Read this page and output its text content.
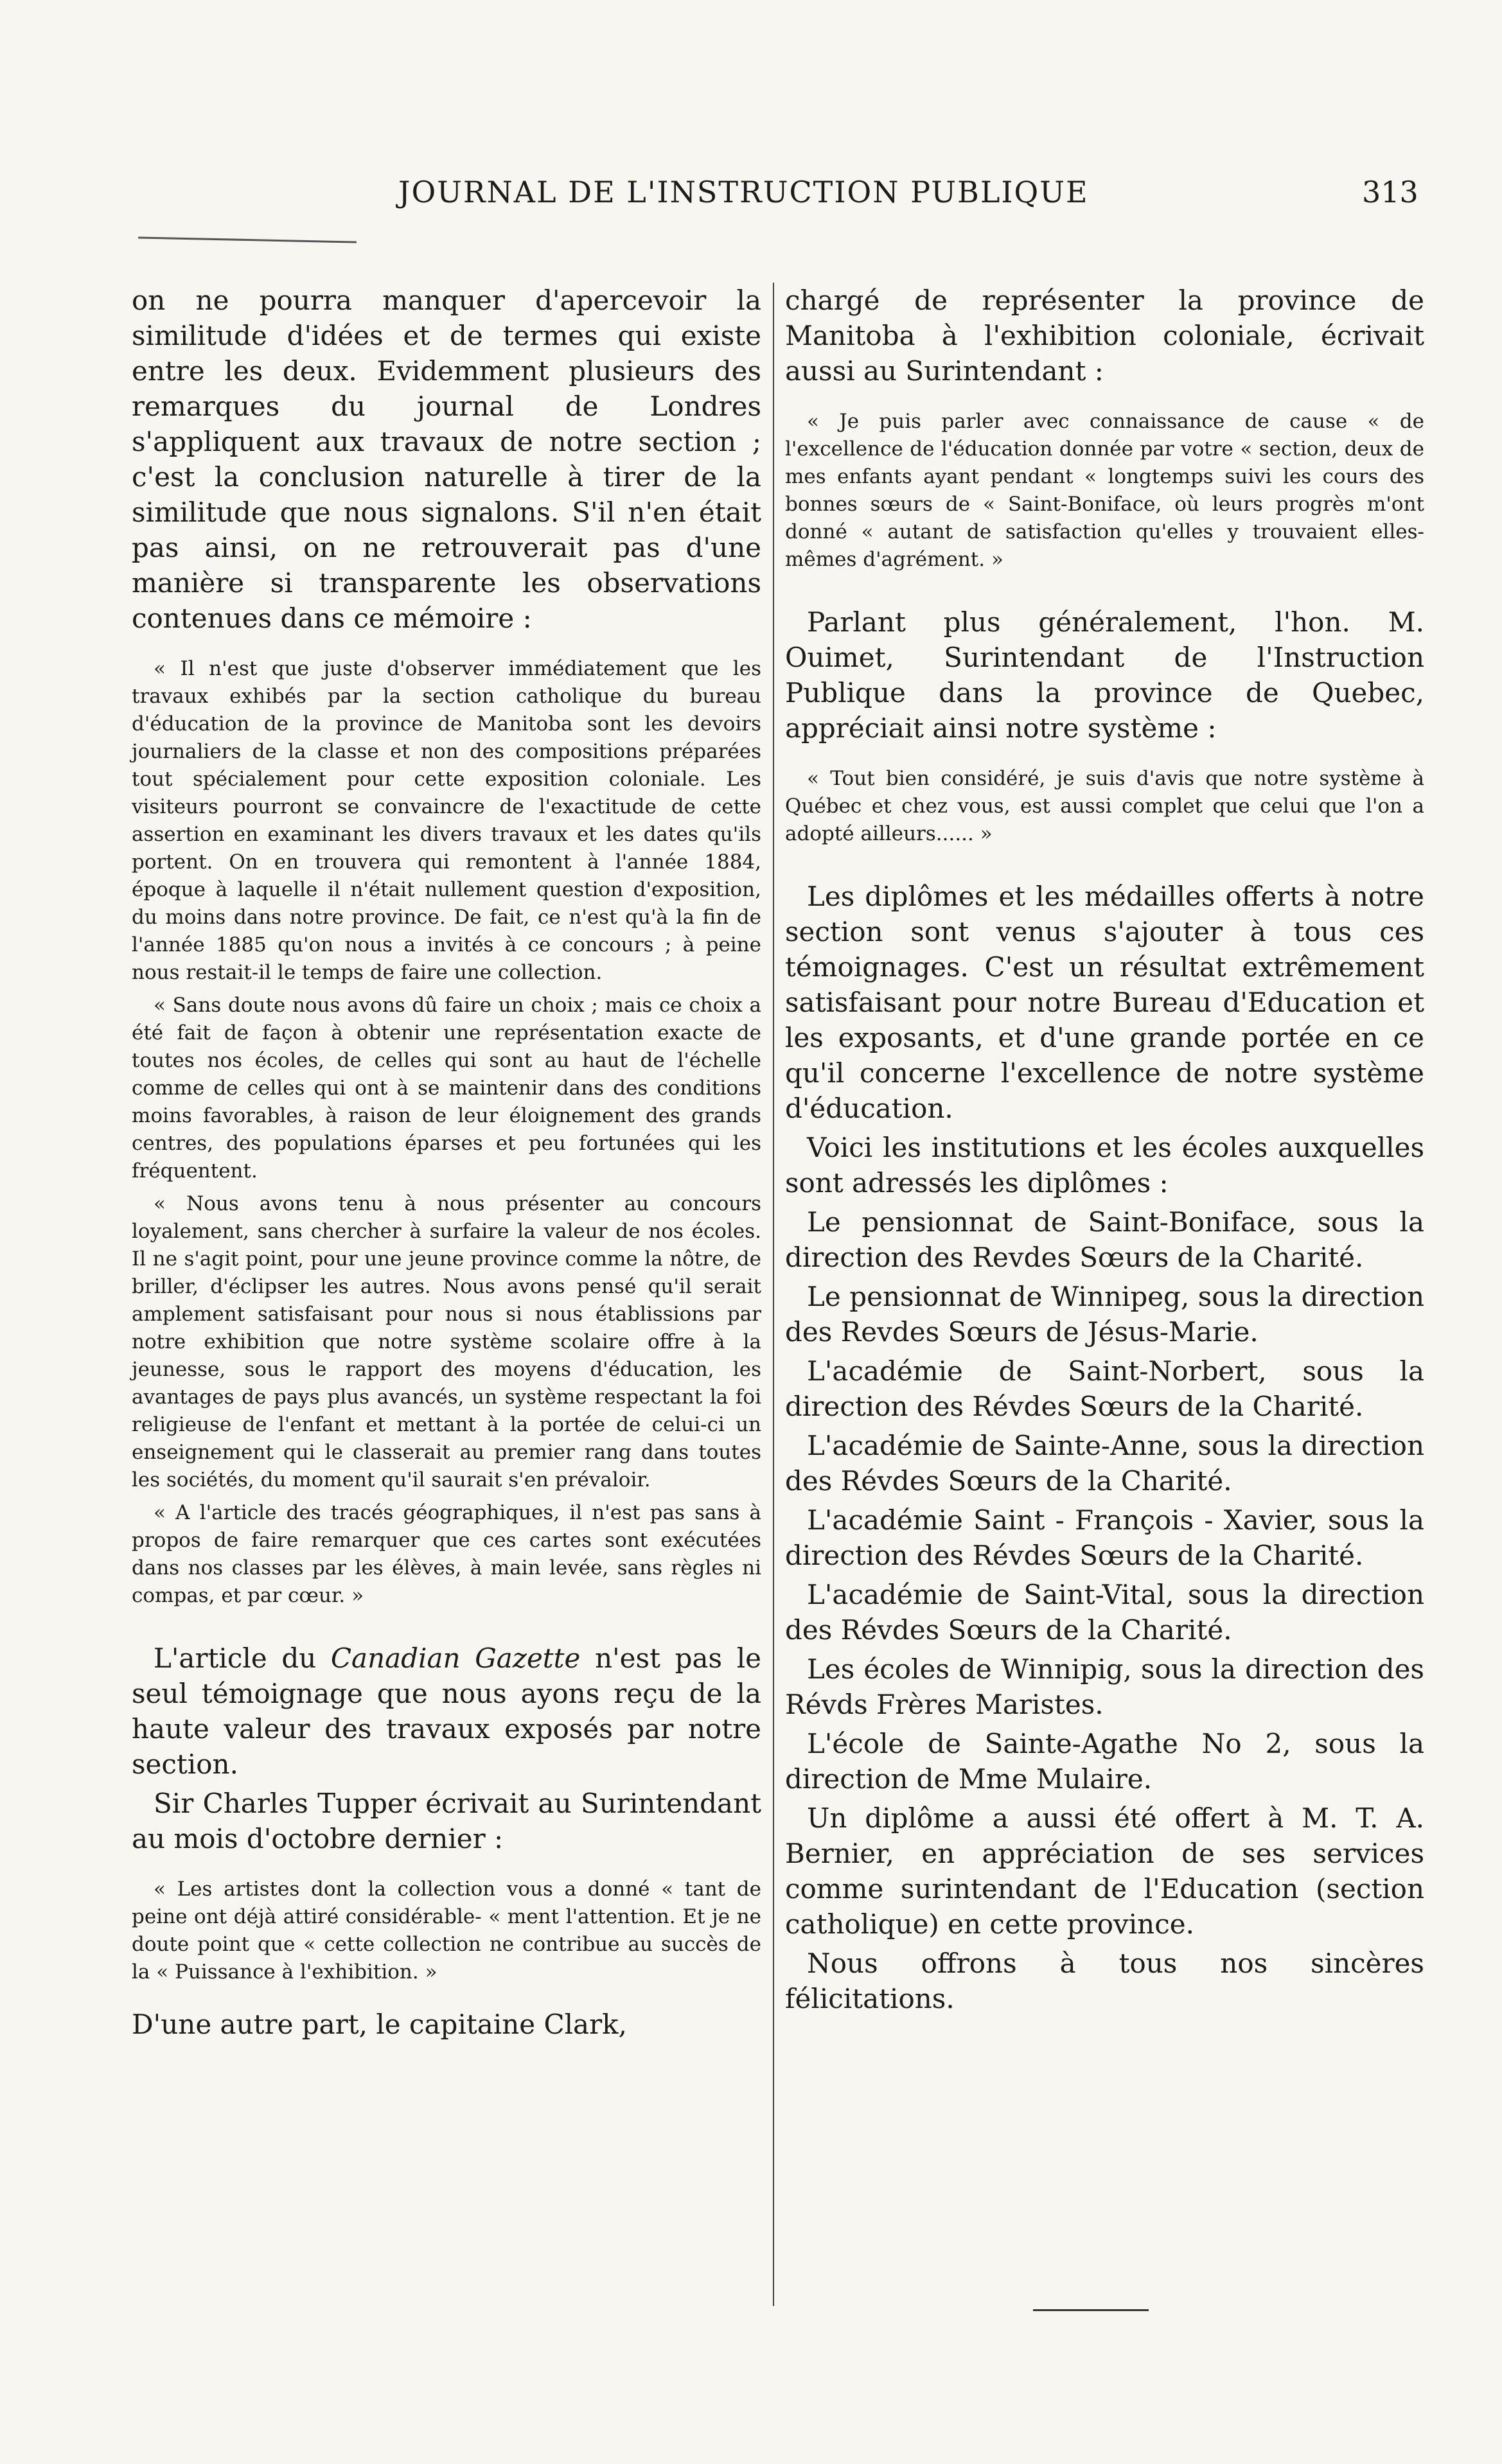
JOURNAL DE L'INSTRUCTION PUBLIQUE	313

on ne pourra manquer d'apercevoir la similitude d'idées et de termes qui existe entre les deux. Evidemment plusieurs des remarques du journal de Londres s'appliquent aux travaux de notre section ; c'est la conclusion naturelle à tirer de la similitude que nous signalons. S'il n'en était pas ainsi, on ne retrouverait pas d'une manière si transparente les observations contenues dans ce mémoire :

« Il n'est que juste d'observer immédiatement que les travaux exhibés par la section catholique du bureau d'éducation de la province de Manitoba sont les devoirs journaliers de la classe et non des compositions préparées tout spécialement pour cette exposition coloniale. Les visiteurs pourront se convaincre de l'exactitude de cette assertion en examinant les divers travaux et les dates qu'ils portent. On en trouvera qui remontent à l'année 1884, époque à laquelle il n'était nullement question d'exposition, du moins dans notre province. De fait, ce n'est qu'à la fin de l'année 1885 qu'on nous a invités à ce concours ; à peine nous restait-il le temps de faire une collection.

« Sans doute nous avons dû faire un choix ; mais ce choix a été fait de façon à obtenir une représentation exacte de toutes nos écoles, de celles qui sont au haut de l'échelle comme de celles qui ont à se maintenir dans des conditions moins favorables, à raison de leur éloignement des grands centres, des populations éparses et peu fortunées qui les fréquentent.

« Nous avons tenu à nous présenter au concours loyalement, sans chercher à surfaire la valeur de nos écoles. Il ne s'agit point, pour une jeune province comme la nôtre, de briller, d'éclipser les autres. Nous avons pensé qu'il serait amplement satisfaisant pour nous si nous établissions par notre exhibition que notre système scolaire offre à la jeunesse, sous le rapport des moyens d'éducation, les avantages de pays plus avancés, un système respectant la foi religieuse de l'enfant et mettant à la portée de celui-ci un enseignement qui le classerait au premier rang dans toutes les sociétés, du moment qu'il saurait s'en prévaloir.

« A l'article des tracés géographiques, il n'est pas sans à propos de faire remarquer que ces cartes sont exécutées dans nos classes par les élèves, à main levée, sans règles ni compas, et par cœur. »

L'article du Canadian Gazette n'est pas le seul témoignage que nous ayons reçu de la haute valeur des travaux exposés par notre section.

Sir Charles Tupper écrivait au Surintendant au mois d'octobre dernier :

« Les artistes dont la collection vous a donné « tant de peine ont déjà attiré considérable- « ment l'attention. Et je ne doute point que « cette collection ne contribue au succès de la « Puissance à l'exhibition. »

D'une autre part, le capitaine Clark,

chargé de représenter la province de Manitoba à l'exhibition coloniale, écrivait aussi au Surintendant :

« Je puis parler avec connaissance de cause « de l'excellence de l'éducation donnée par votre « section, deux de mes enfants ayant pendant « longtemps suivi les cours des bonnes sœurs de « Saint-Boniface, où leurs progrès m'ont donné « autant de satisfaction qu'elles y trouvaient elles-mêmes d'agrément. »

Parlant plus généralement, l'hon. M. Ouimet, Surintendant de l'Instruction Publique dans la province de Quebec, appréciait ainsi notre système :

« Tout bien considéré, je suis d'avis que notre système à Québec et chez vous, est aussi complet que celui que l'on a adopté ailleurs...... »

Les diplômes et les médailles offerts à notre section sont venus s'ajouter à tous ces témoignages. C'est un résultat extrêmement satisfaisant pour notre Bureau d'Education et les exposants, et d'une grande portée en ce qu'il concerne l'excellence de notre système d'éducation.

Voici les institutions et les écoles auxquelles sont adressés les diplômes :

Le pensionnat de Saint-Boniface, sous la direction des Revdes Sœurs de la Charité.

Le pensionnat de Winnipeg, sous la direction des Revdes Sœurs de Jésus-Marie.

L'académie de Saint-Norbert, sous la direction des Révdes Sœurs de la Charité.

L'académie de Sainte-Anne, sous la direction des Révdes Sœurs de la Charité.

L'académie Saint - François - Xavier, sous la direction des Révdes Sœurs de la Charité.

L'académie de Saint-Vital, sous la direction des Révdes Sœurs de la Charité.

Les écoles de Winnipig, sous la direction des Révds Frères Maristes.

L'école de Sainte-Agathe No 2, sous la direction de Mme Mulaire.

Un diplôme a aussi été offert à M. T. A. Bernier, en appréciation de ses services comme surintendant de l'Education (section catholique) en cette province.

Nous offrons à tous nos sincères félicitations.
